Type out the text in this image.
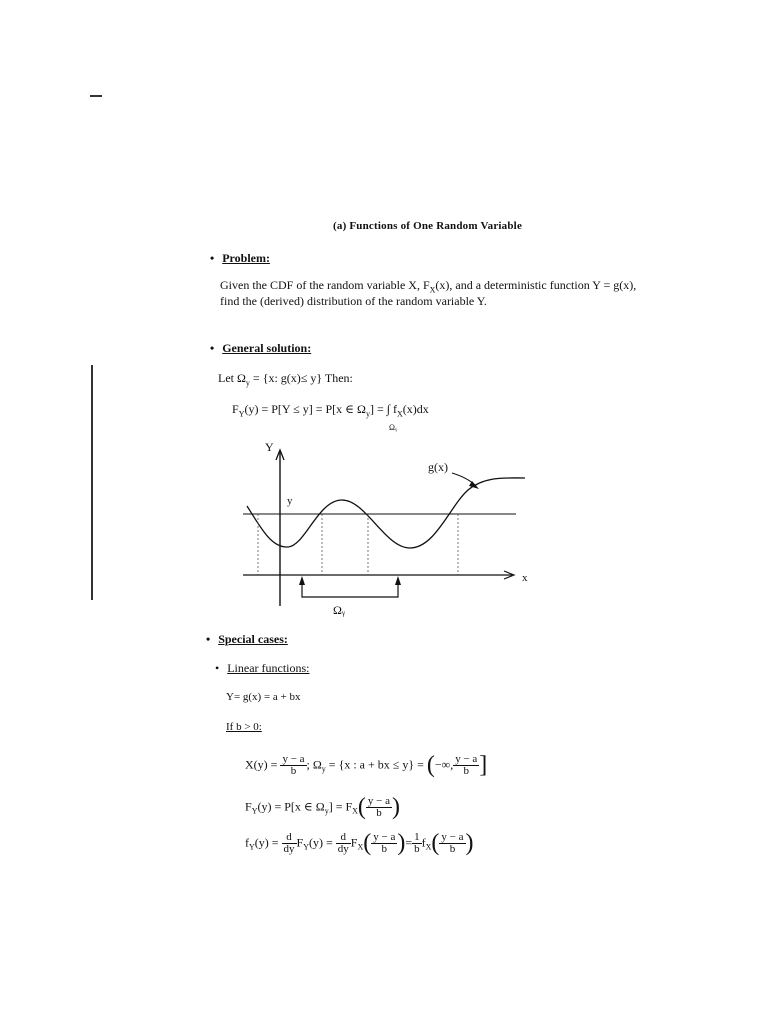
(a) Functions of One Random Variable
• Problem:
Given the CDF of the random variable X, $F_X(x)$, and a deterministic function Y = g(x),
find the (derived) distribution of the random variable Y.
• General solution:
Let $\Omega_y = \{x$: g(x)≤ y} Then:
$F_Y(y) = P[Y \le y] = P[x$ ∈ $\Omega_y$] = ∫ $f_X(x)dx$
Ωᵧ
Y
x
y
g(x)
Ωᵧ
• Special cases:
• Linear functions:
Y= g(x) = a + bx
If b > 0:
$X(y) = \frac{y - a}{b}$ ; $\Omega_y = \{x$ : a + bx ≤ y} = (−∞, $\frac{y - a}{b}$ ]
$F_Y(y) = P[x$ ∈ $\Omega_y] = F_X( \frac{y - a}{b}$ )
$f_Y(y) = \frac{d}{dy} F_Y(y) = \frac{d}{dy} F_X( \frac{y - a}{b}$ )= $\frac{1}{b} f_X( \frac{y - a}{b}$ )
